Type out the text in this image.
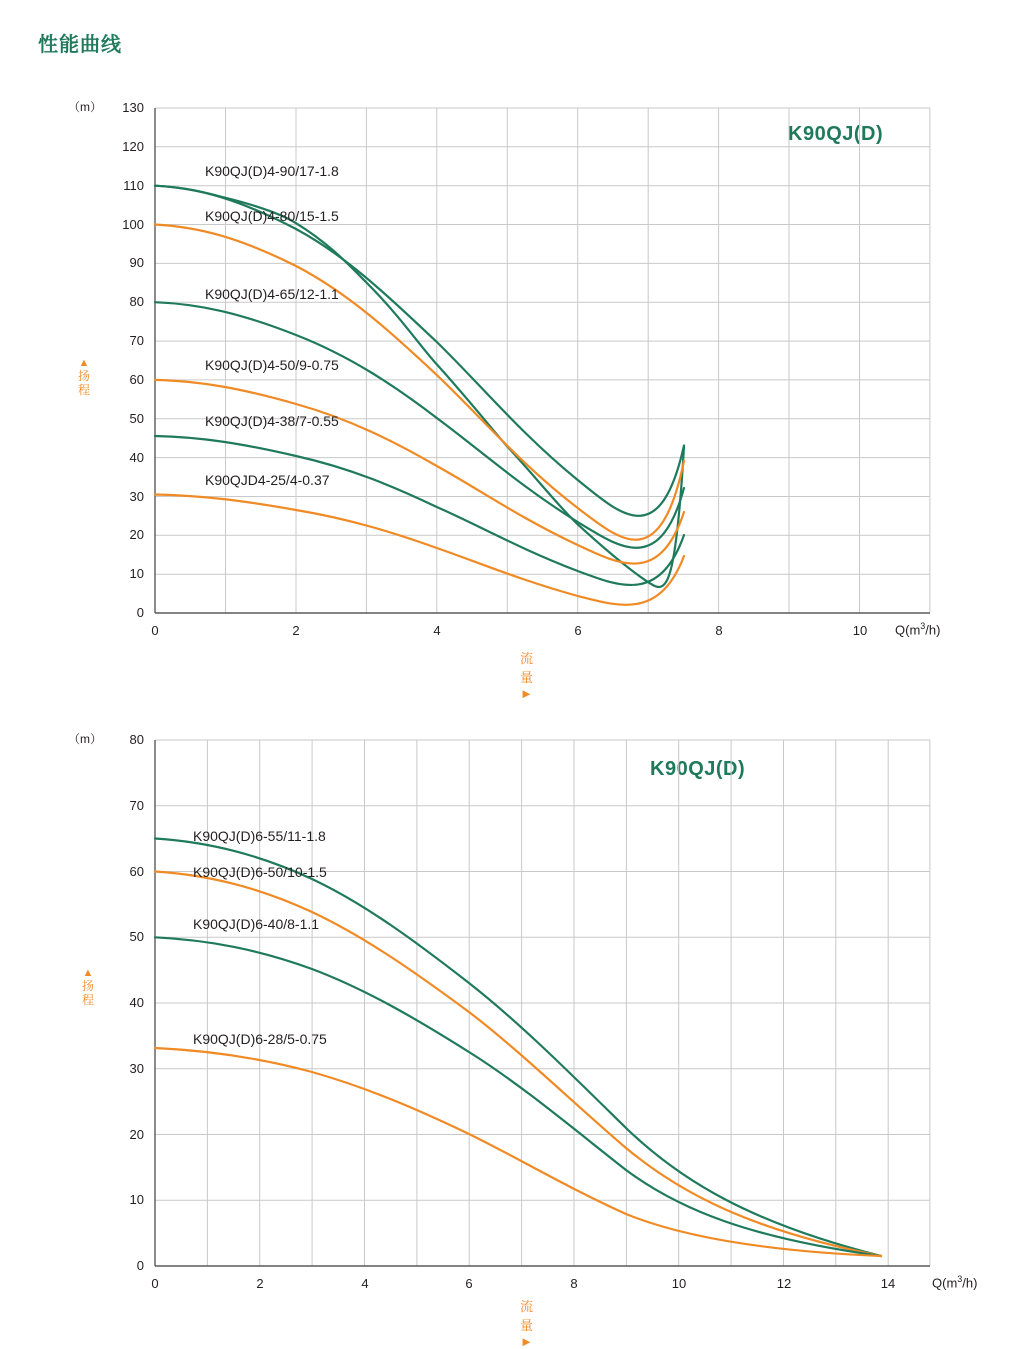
性能曲线
（m）
K90QJ(D)
▲
扬程
流量 ►
130
120
110
100
90
80
70
60
50
40
30
20
10
0
0	2	4	6	8	10	$Q(m^3/h)$
K90QJ(D)4-90/17-1.8
K90QJ(D)4-80/15-1.5
K90QJ(D)4-65/12-1.1
K90QJ(D)4-50/9-0.75
K90QJ(D)4-38/7-0.55
K90QJD4-25/4-0.37
（m）
K90QJ(D)
▲
扬程
流量 ►
80
70
60
50
40
30
20
10
0
0	2	4	6	8	10	12	14	$Q(m^3/h)$
K90QJ(D)6-55/11-1.8
K90QJ(D)6-50/10-1.5
K90QJ(D)6-40/8-1.1
K90QJ(D)6-28/5-0.75
